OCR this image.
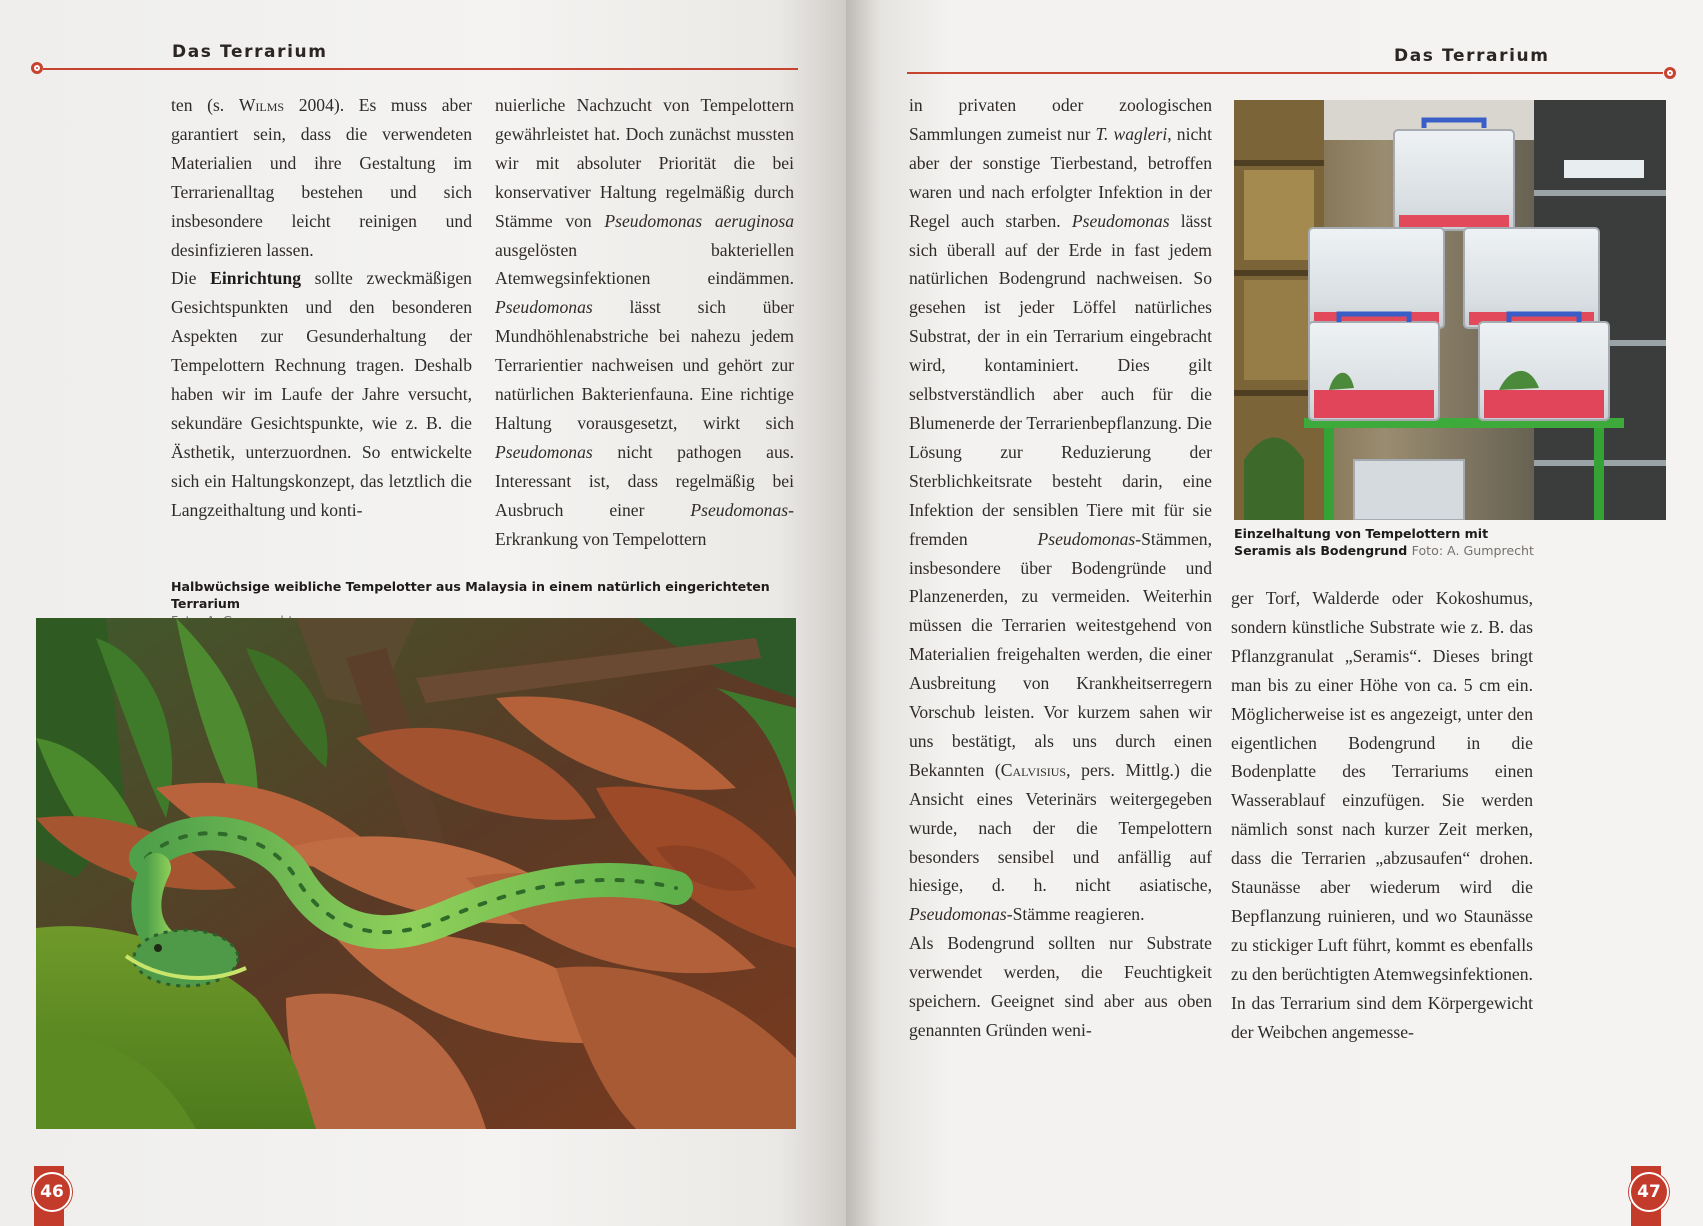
Das Terrarium

ten (s. Wilms 2004). Es muss aber garantiert sein, dass die verwendeten Materialien und ihre Gestaltung im Terrarienalltag bestehen und sich insbesondere leicht reinigen und desinfizieren lassen.

Die Einrichtung sollte zweckmäßigen Gesichtspunkten und den besonderen Aspekten zur Gesunderhaltung der Tempelottern Rechnung tragen. Deshalb haben wir im Laufe der Jahre versucht, sekundäre Gesichtspunkte, wie z. B. die Ästhetik, unterzuordnen. So entwickelte sich ein Haltungskonzept, das letztlich die Langzeithaltung und konti-

nuierliche Nachzucht von Tempelottern gewährleistet hat. Doch zunächst mussten wir mit absoluter Priorität die bei konservativer Haltung regelmäßig durch Stämme von Pseudomonas aeruginosa ausgelösten bakteriellen Atemwegsinfektionen eindämmen. Pseudomonas lässt sich über Mundhöhlenabstriche bei nahezu jedem Terrarientier nachweisen und gehört zur natürlichen Bakterienfauna. Eine richtige Haltung vorausgesetzt, wirkt sich Pseudomonas nicht pathogen aus. Interessant ist, dass regelmäßig bei Ausbruch einer Pseudomonas-Erkrankung von Tempelottern

Halbwüchsige weibliche Tempelotter aus Malaysia in einem natürlich eingerichteten Terrarium
46
Das Terrarium

in privaten oder zoologischen Sammlungen zumeist nur T. wagleri, nicht aber der sonstige Tierbestand, betroffen waren und nach erfolgter Infektion in der Regel auch starben. Pseudomonas lässt sich überall auf der Erde in fast jedem natürlichen Bodengrund nachweisen. So gesehen ist jeder Löffel natürliches Substrat, der in ein Terrarium eingebracht wird, kontaminiert. Dies gilt selbstverständlich aber auch für die Blumenerde der Terrarienbepflanzung. Die Lösung zur Reduzierung der Sterblichkeitsrate besteht darin, eine Infektion der sensiblen Tiere mit für sie fremden Pseudomonas-Stämmen, insbesondere über Bodengründe und Planzenerden, zu vermeiden. Weiterhin müssen die Terrarien weitestgehend von Materialien freigehalten werden, die einer Ausbreitung von Krankheitserregern Vorschub leisten. Vor kurzem sahen wir uns bestätigt, als uns durch einen Bekannten (Calvisius, pers. Mittlg.) die Ansicht eines Veterinärs weitergegeben wurde, nach der die Tempelottern besonders sensibel und anfällig auf hiesige, d. h. nicht asiatische, Pseudomonas-Stämme reagieren.

Als Bodengrund sollten nur Substrate verwendet werden, die Feuchtigkeit speichern. Geeignet sind aber aus oben genannten Gründen weni-

ger Torf, Walderde oder Kokoshumus, sondern künstliche Substrate wie z. B. das Pflanzgranulat „Seramis“. Dieses bringt man bis zu einer Höhe von ca. 5 cm ein. Möglicherweise ist es angezeigt, unter den eigentlichen Bodengrund in die Bodenplatte des Terrariums einen Wasserablauf einzufügen. Sie werden nämlich sonst nach kurzer Zeit merken, dass die Terrarien „abzusaufen“ drohen. Staunässe aber wiederum wird die Bepflanzung ruinieren, und wo Staunässe zu stickiger Luft führt, kommt es ebenfalls zu den berüchtigten Atemwegsinfektionen.

In das Terrarium sind dem Körpergewicht der Weibchen angemesse-

Einzelhaltung von Tempelottern mit Seramis als Bodengrund Foto: A. Gumprecht
47
